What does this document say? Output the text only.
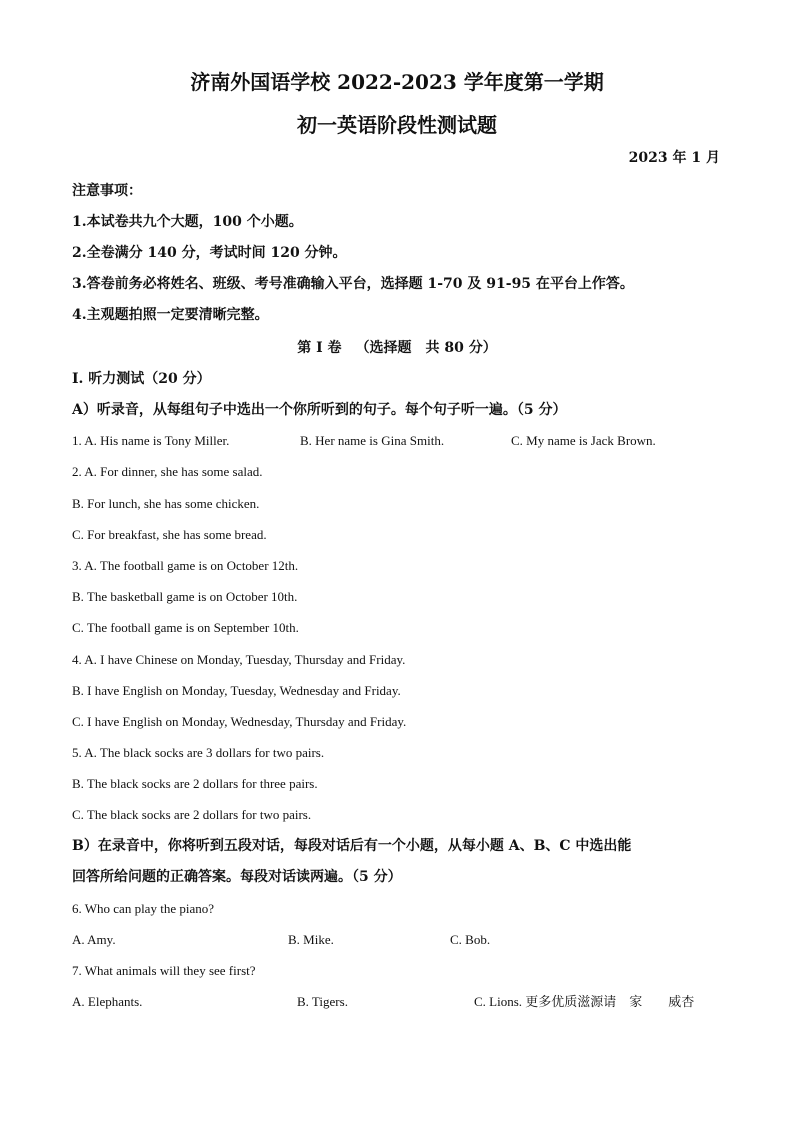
济南外国语学校 2022-2023 学年度第一学期
初一英语阶段性测试题
2023 年 1 月
注意事项：
1.本试卷共九个大题，100 个小题。
2.全卷满分 140 分，考试时间 120 分钟。
3.答卷前务必将姓名、班级、考号准确输入平台，选择题 1-70 及 91-95 在平台上作答。
4.主观题拍照一定要清晰完整。
第 I 卷 （选择题 共 80 分）
I. 听力测试（20 分）
A）听录音，从每组句子中选出一个你所听到的句子。每个句子听一遍。（5 分）
1. A. His name is Tony Miller.	B. Her name is Gina Smith.	C. My name is Jack Brown.
2. A. For dinner, she has some salad.
B. For lunch, she has some chicken.
C. For breakfast, she has some bread.
3. A. The football game is on October 12th.
B. The basketball game is on October 10th.
C. The football game is on September 10th.
4. A. I have Chinese on Monday, Tuesday, Thursday and Friday.
B. I have English on Monday, Tuesday, Wednesday and Friday.
C. I have English on Monday, Wednesday, Thursday and Friday.
5. A. The black socks are 3 dollars for two pairs.
B. The black socks are 2 dollars for three pairs.
C. The black socks are 2 dollars for two pairs.
B）在录音中，你将听到五段对话，每段对话后有一个小题，从每小题 A、B、C 中选出能
回答所给问题的正确答案。每段对话读两遍。（5 分）
6. Who can play the piano?
A. Amy.	B. Mike.	C. Bob.
7. What animals will they see first?
A. Elephants.	B. Tigers.	C. Lions. 更多优质滋源请　家　　威杏
